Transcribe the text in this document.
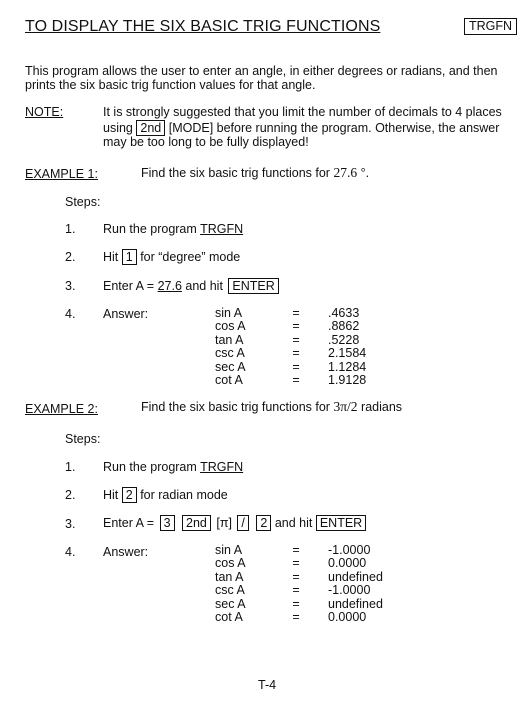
TO DISPLAY THE SIX BASIC TRIG FUNCTIONS	TRGFN
This program allows the user to enter an angle, in either degrees or radians, and then
prints the six basic trig function values for that angle.
NOTE:	It is strongly suggested that you limit the number of decimals to 4 places
using 2nd [MODE] before running the program. Otherwise, the answer
may be too long to be fully displayed!
EXAMPLE 1:	Find the six basic trig functions for 27.6 °.
Steps:
1. Run the program TRGFN
2. Hit 1 for “degree” mode
3. Enter A = 27.6 and hit ENTER
4. Answer:	sin A	= .4633
cos A	= .8862
tan A	= .5228
csc A	= 2.1584
sec A	= 1.1284
cot A	= 1.9128
EXAMPLE 2:	Find the six basic trig functions for 3π/2 radians
Steps:
1. Run the program TRGFN
2. Hit 2 for radian mode
3. Enter A = 3 2nd [π] / 2 and hit ENTER
4. Answer:	sin A	= -1.0000
cos A	= 0.0000
tan A	= undefined
csc A	= -1.0000
sec A	= undefined
cot A	= 0.0000
T-4
